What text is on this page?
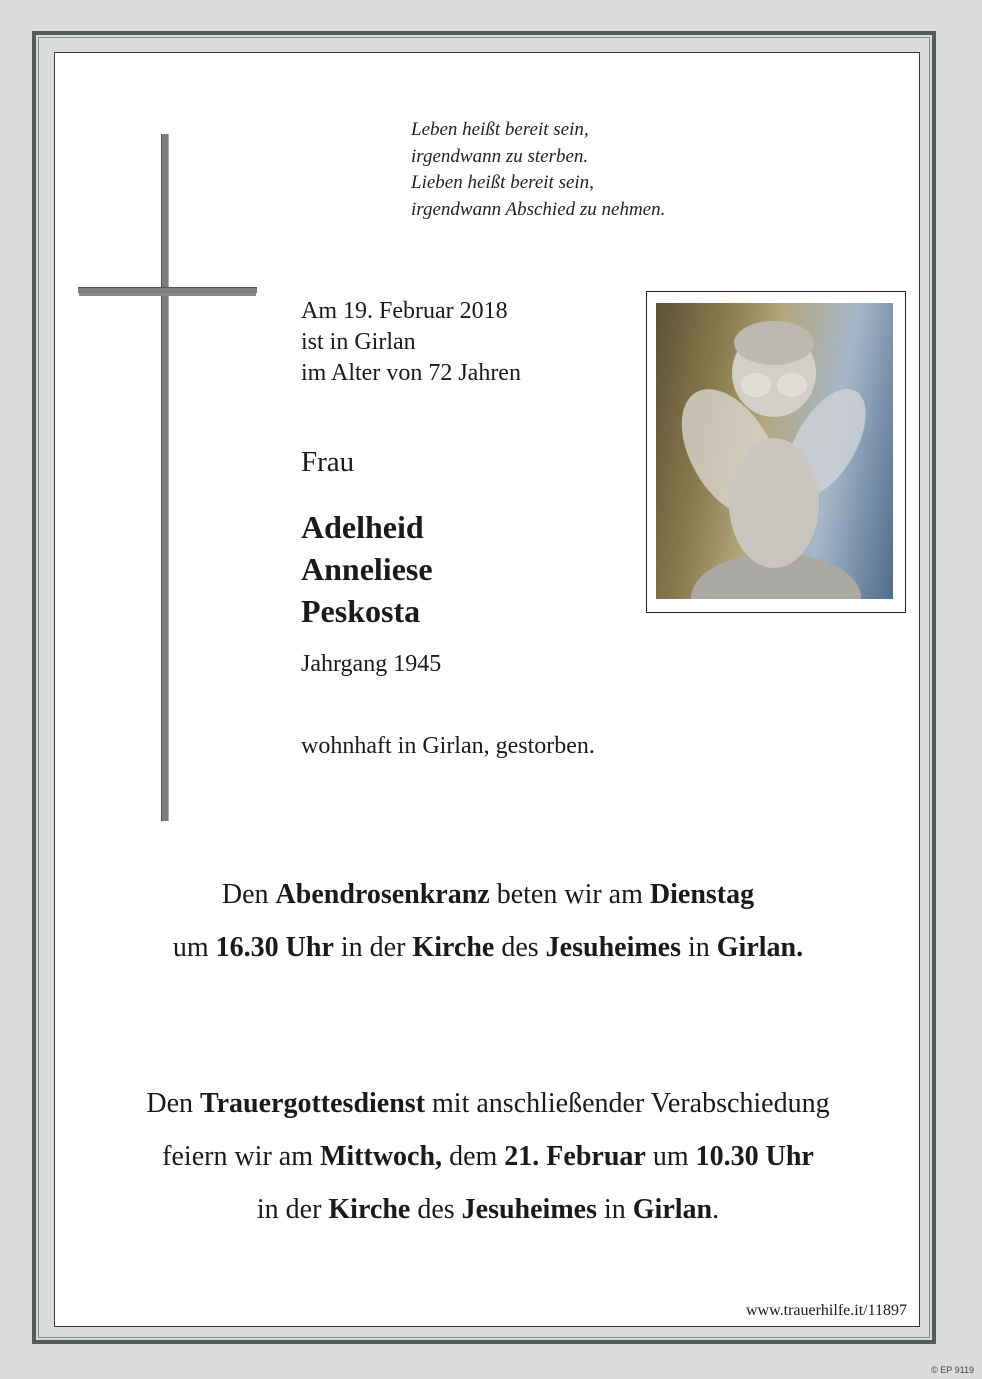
Leben heißt bereit sein,
irgendwann zu sterben.
Lieben heißt bereit sein,
irgendwann Abschied zu nehmen.
Am 19. Februar 2018
ist in Girlan
im Alter von 72 Jahren
Frau
Adelheid
Anneliese
Peskosta
Jahrgang 1945
wohnhaft in Girlan, gestorben.
Den Abendrosenkranz beten wir am Dienstag
um 16.30 Uhr in der Kirche des Jesuheimes in Girlan.
Den Trauergottesdienst mit anschließender Verabschiedung
feiern wir am Mittwoch, dem 21. Februar um 10.30 Uhr
in der Kirche des Jesuheimes in Girlan.
www.trauerhilfe.it/11897
© EP 9119
